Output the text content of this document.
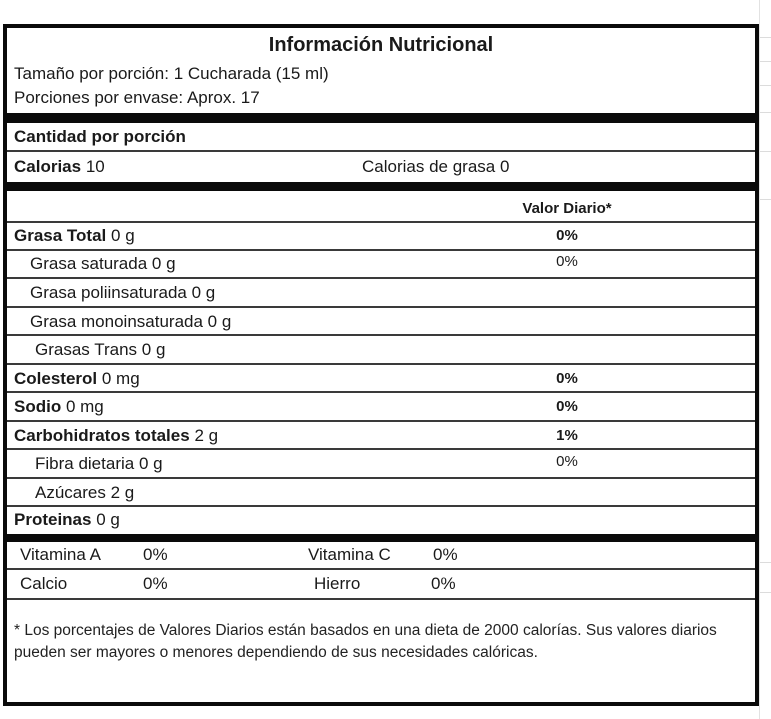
Información Nutricional
Tamaño por porción: 1 Cucharada (15 ml)
Porciones por envase: Aprox. 17
Cantidad por porción
Calorias 10	Calorias de grasa 0
Valor Diario*
Grasa Total 0 g	0%
Grasa saturada 0 g	0%
Grasa poliinsaturada 0 g
Grasa monoinsaturada 0 g
Grasas Trans 0 g
Colesterol 0 mg	0%
Sodio 0 mg	0%
Carbohidratos totales 2 g	1%
Fibra dietaria 0 g	0%
Azúcares 2 g
Proteinas 0 g
Vitamina A 0%	Vitamina C 0%
Calcio	0%	Hierro	0%
* Los porcentajes de Valores Diarios están basados en una dieta de 2000 calorías. Sus valores diarios pueden ser mayores o menores dependiendo de sus necesidades calóricas.
